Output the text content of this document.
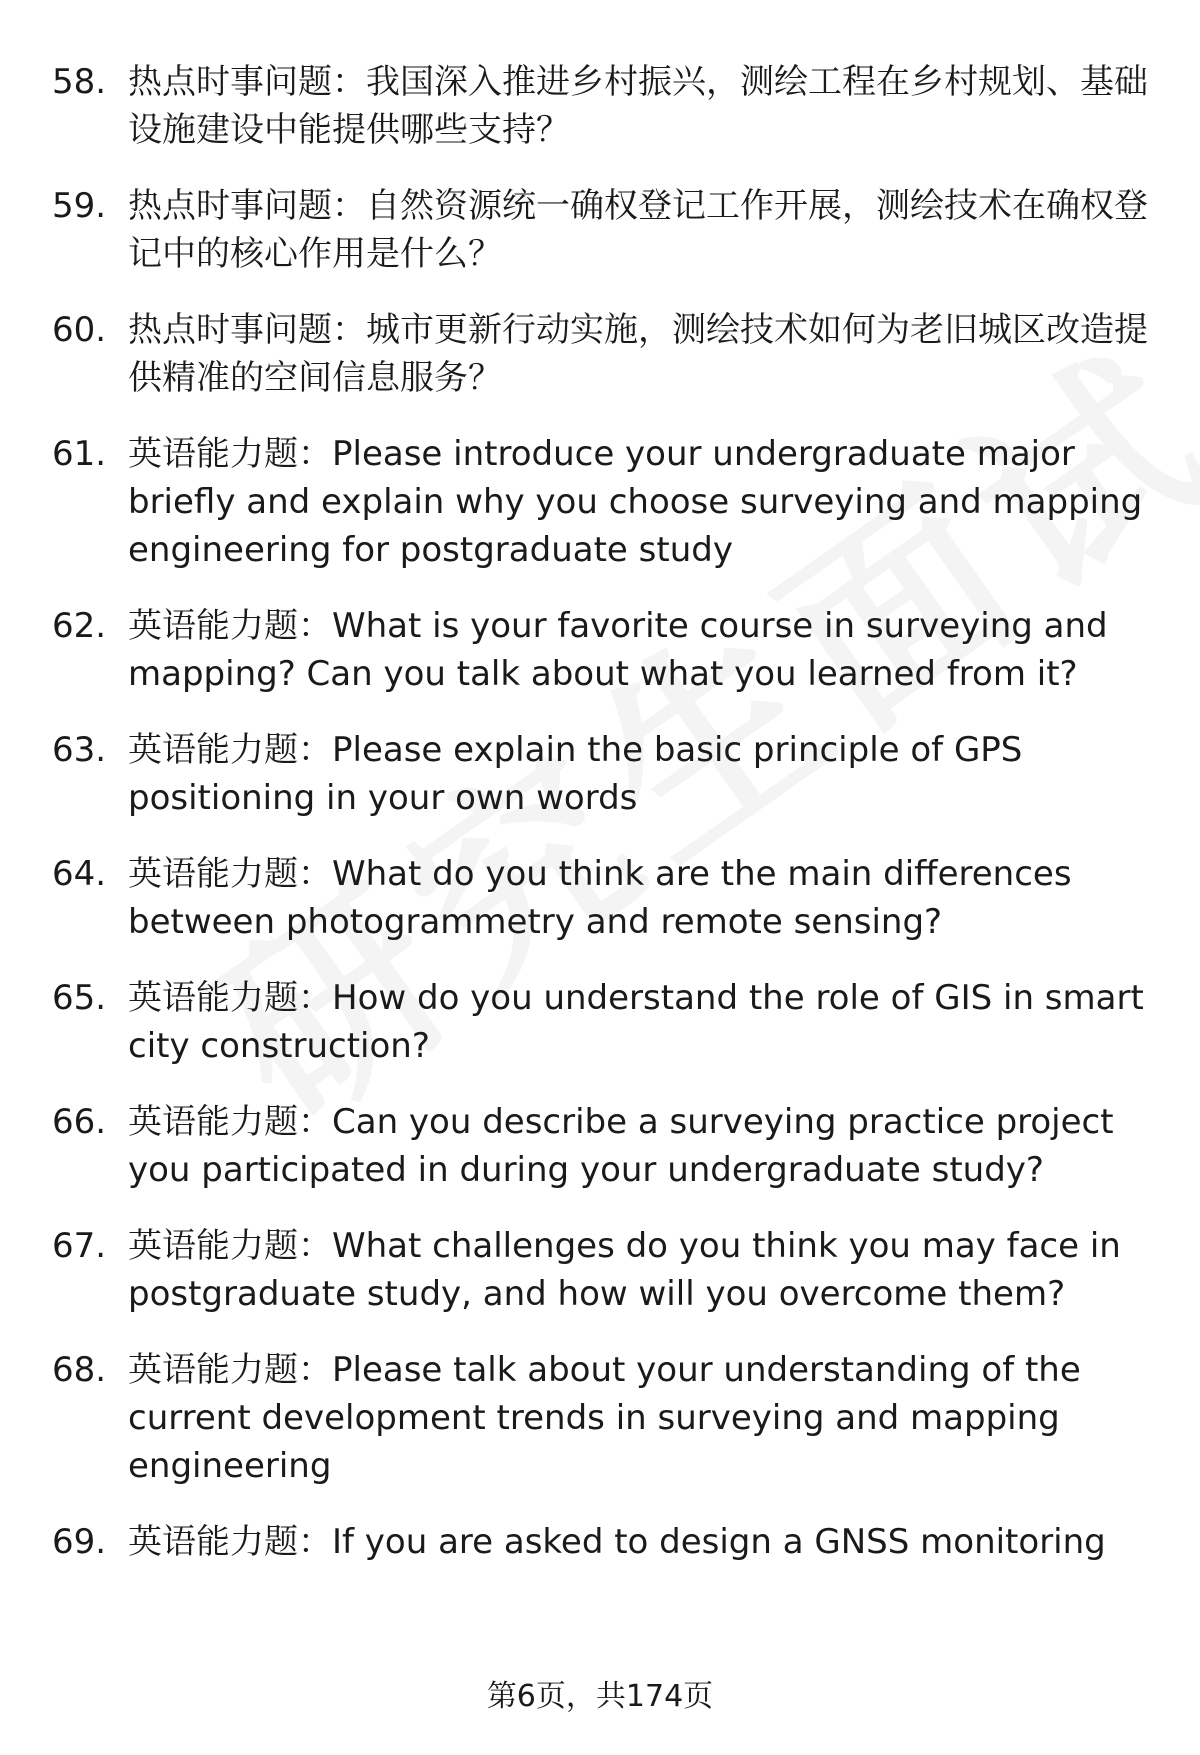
58. 热点时事问题：我国深入推进乡村振兴，测绘工程在乡村规划、基础设施建设中能提供哪些支持？
59. 热点时事问题：自然资源统一确权登记工作开展，测绘技术在确权登记中的核心作用是什么？
60. 热点时事问题：城市更新行动实施，测绘技术如何为老旧城区改造提供精准的空间信息服务？
61. 英语能力题：Please introduce your undergraduate major briefly and explain why you choose surveying and mapping engineering for postgraduate study
62. 英语能力题：What is your favorite course in surveying and mapping? Can you talk about what you learned from it?
63. 英语能力题：Please explain the basic principle of GPS positioning in your own words
64. 英语能力题：What do you think are the main differences between photogrammetry and remote sensing?
65. 英语能力题：How do you understand the role of GIS in smart city construction?
66. 英语能力题：Can you describe a surveying practice project you participated in during your undergraduate study?
67. 英语能力题：What challenges do you think you may face in postgraduate study, and how will you overcome them?
68. 英语能力题：Please talk about your understanding of the current development trends in surveying and mapping engineering
69. 英语能力题：If you are asked to design a GNSS monitoring
第6页，共174页
